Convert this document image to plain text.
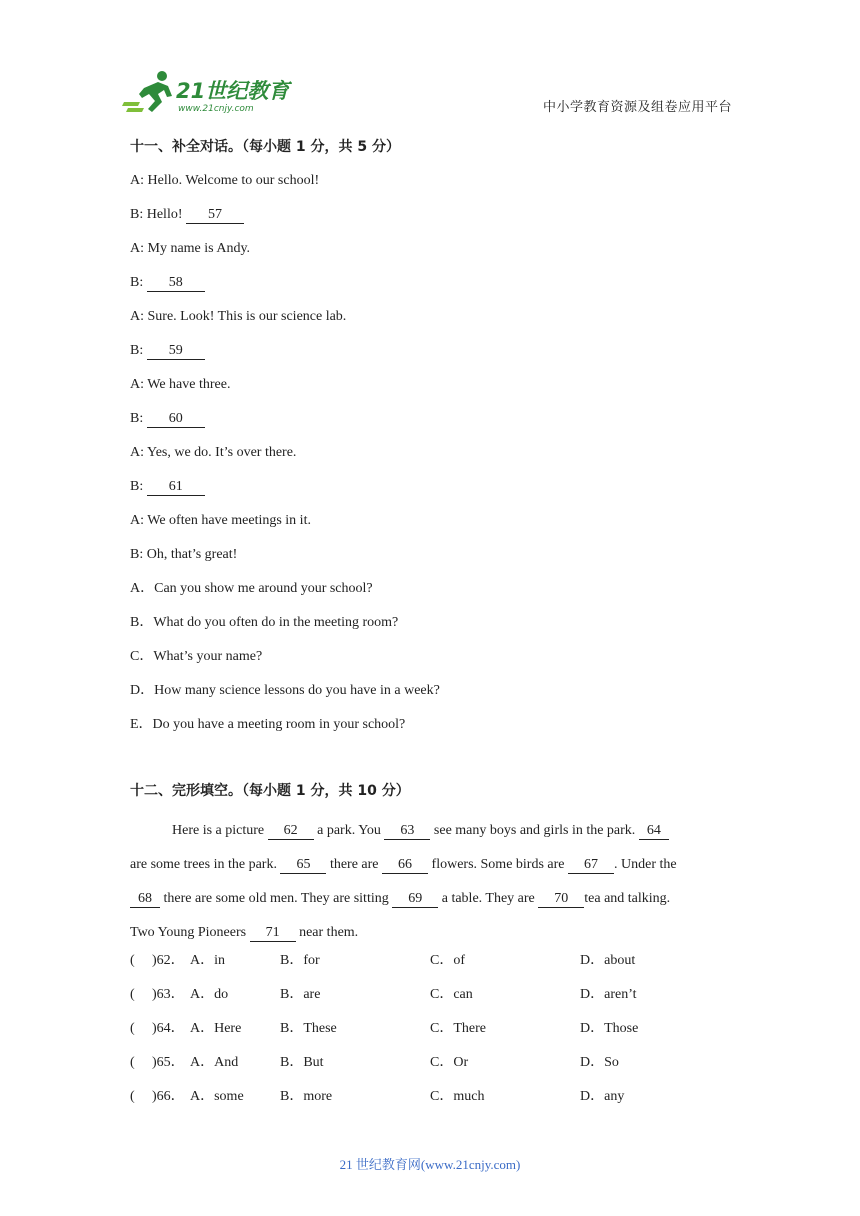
21世纪教育
www.21cnjy.com	中小学教育资源及组卷应用平台
十一、补全对话。（每小题 1 分，共 5 分）
A: Hello. Welcome to our school!
B: Hello! 57
A: My name is Andy.
B: 58
A: Sure. Look! This is our science lab.
B: 59
A: We have three.
B: 60
A: Yes, we do. It’s over there.
B: 61
A: We often have meetings in it.
B: Oh, that’s great!
A．Can you show me around your school?
B．What do you often do in the meeting room?
C．What’s your name?
D．How many science lessons do you have in a week?
E．Do you have a meeting room in your school?
十二、完形填空。（每小题 1 分，共 10 分）
Here is a picture 62 a park. You 63 see many boys and girls in the park. 64
are some trees in the park. 65 there are 66 flowers. Some birds are 67 . Under the
68 there are some old men. They are sitting 69 a table. They are 70 tea and talking.
Two Young Pioneers 71 near them.
( )62． A．in	B．for	C．of	D．about
( )63． A．do	B．are	C．can	D．aren’t
( )64． A．Here	B．These	C．There	D．Those
( )65． A．And	B．But	C．Or	D．So
( )66． A．some	B．more	C．much	D．any
21 世纪教育网(www.21cnjy.com)
